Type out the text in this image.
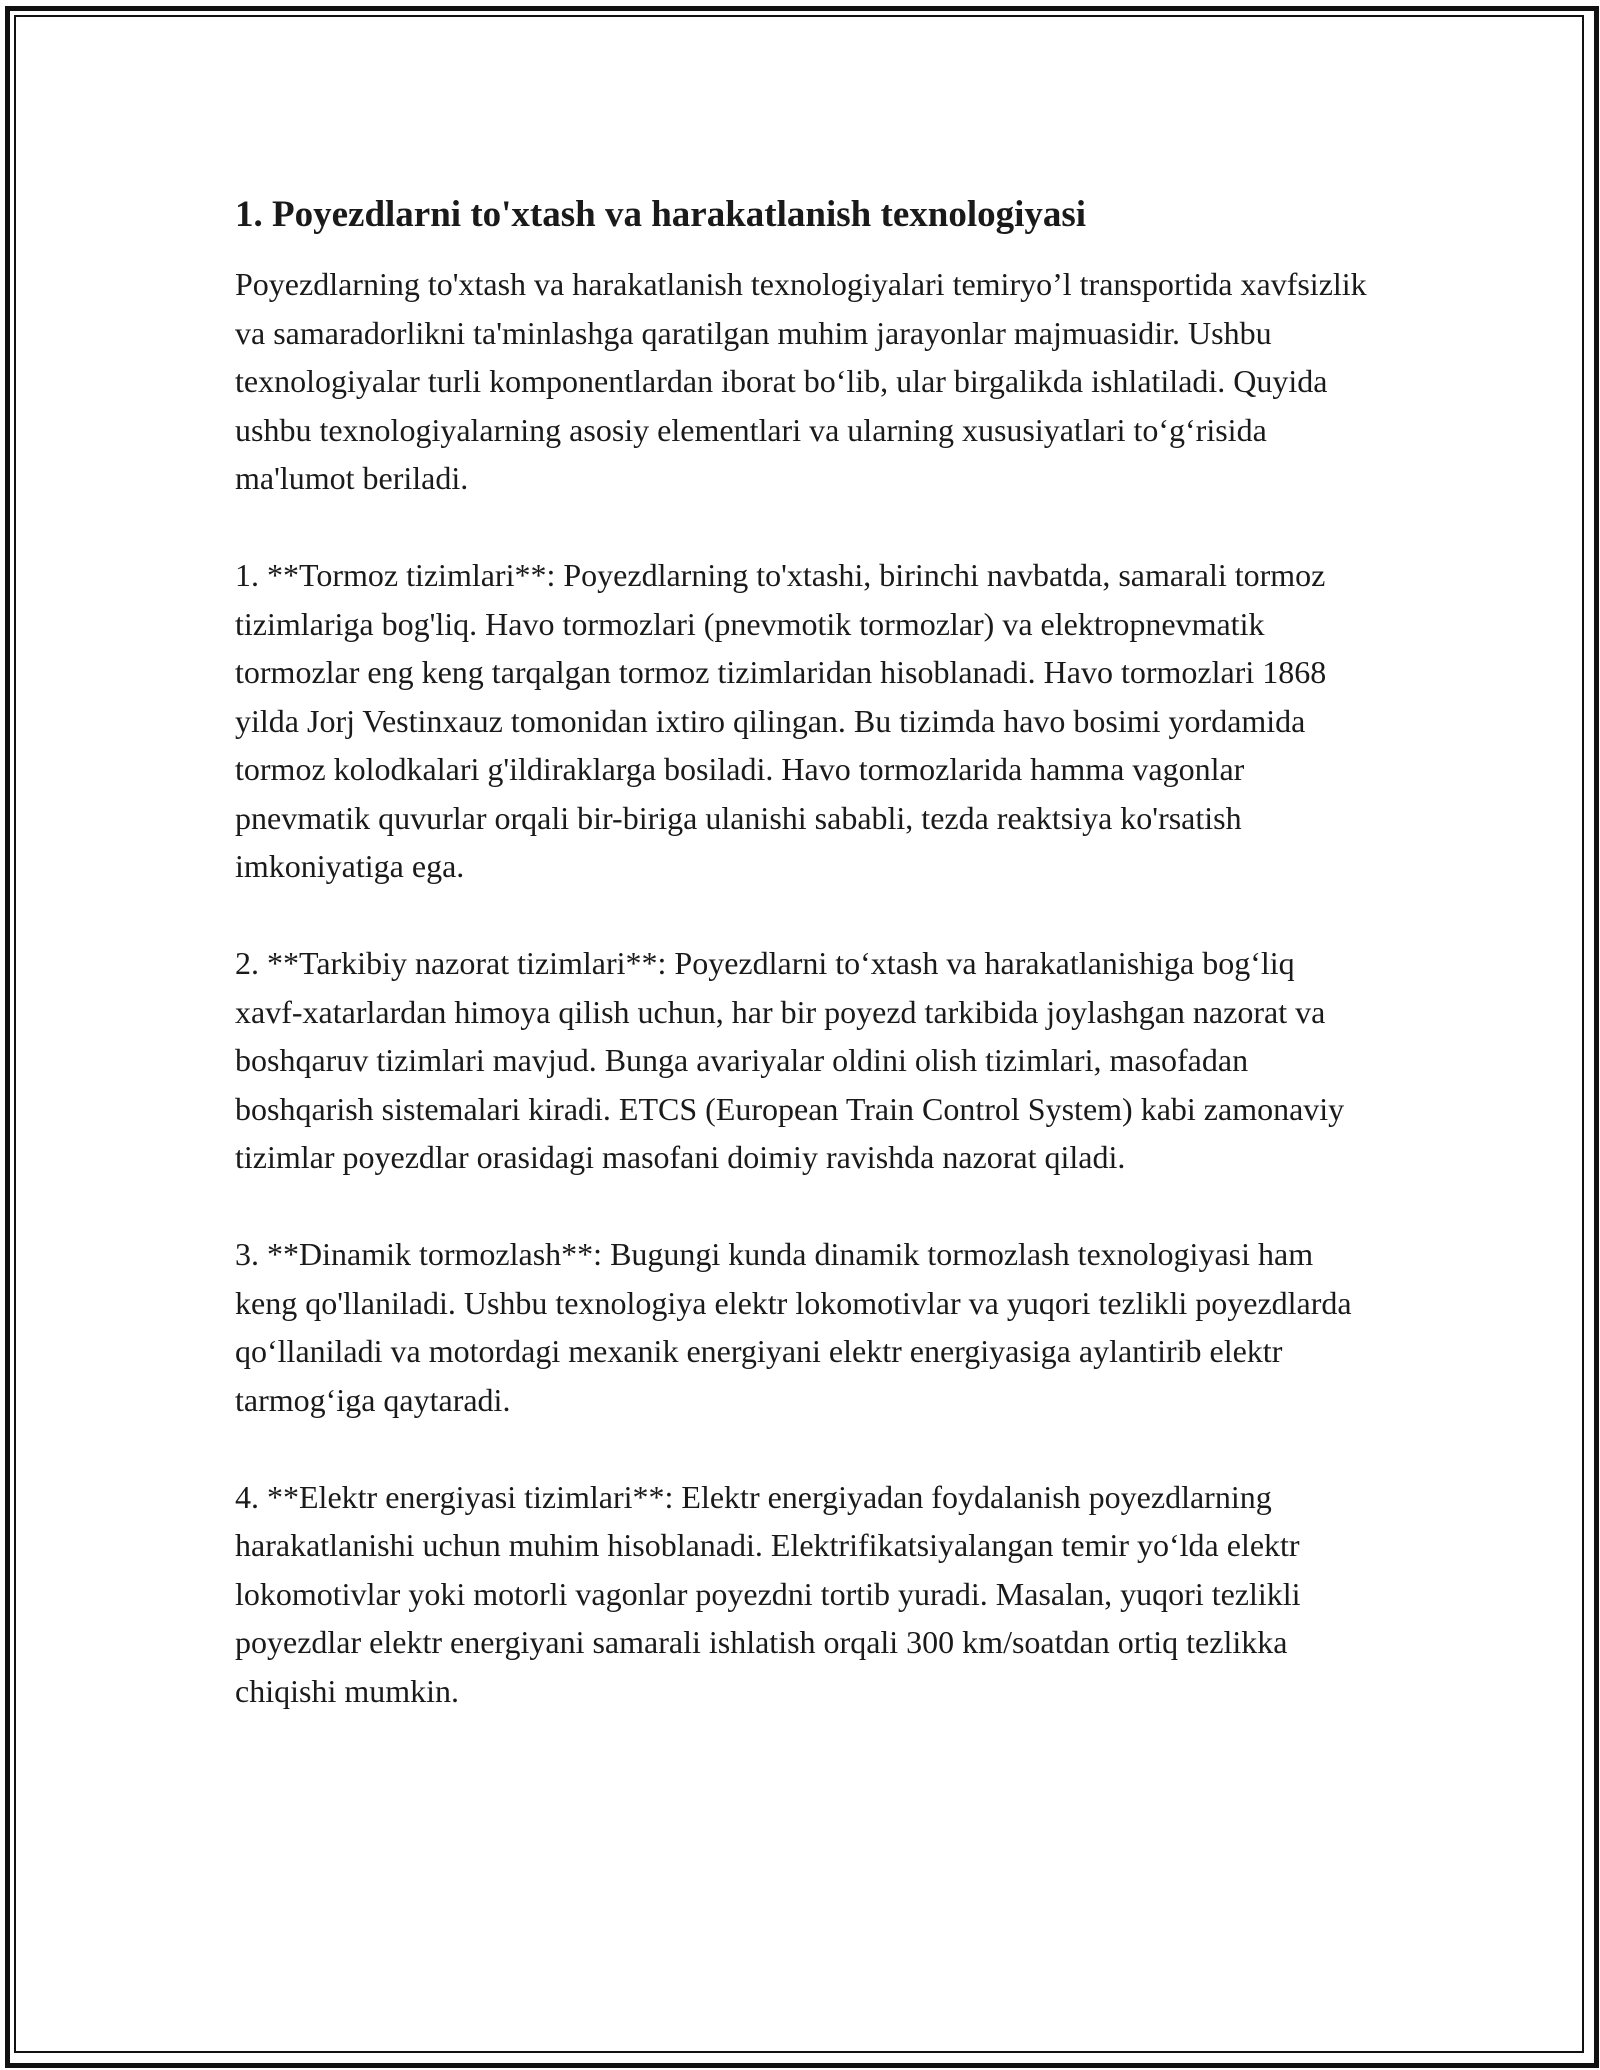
1. Poyezdlarni to'xtash va harakatlanish texnologiyasi

Poyezdlarning to'xtash va harakatlanish texnologiyalari temiryo’l transportida xavfsizlik va samaradorlikni ta'minlashga qaratilgan muhim jarayonlar majmuasidir. Ushbu texnologiyalar turli komponentlardan iborat bo‘lib, ular birgalikda ishlatiladi. Quyida ushbu texnologiyalarning asosiy elementlari va ularning xususiyatlari to‘g‘risida ma'lumot beriladi.

1. **Tormoz tizimlari**: Poyezdlarning to'xtashi, birinchi navbatda, samarali tormoz tizimlariga bog'liq. Havo tormozlari (pnevmotik tormozlar) va elektropnevmatik tormozlar eng keng tarqalgan tormoz tizimlaridan hisoblanadi. Havo tormozlari 1868 yilda Jorj Vestinxauz tomonidan ixtiro qilingan. Bu tizimda havo bosimi yordamida tormoz kolodkalari g'ildiraklarga bosiladi. Havo tormozlarida hamma vagonlar pnevmatik quvurlar orqali bir-biriga ulanishi sababli, tezda reaktsiya ko'rsatish imkoniyatiga ega.

2. **Tarkibiy nazorat tizimlari**: Poyezdlarni to‘xtash va harakatlanishiga bog‘liq xavf-xatarlardan himoya qilish uchun, har bir poyezd tarkibida joylashgan nazorat va boshqaruv tizimlari mavjud. Bunga avariyalar oldini olish tizimlari, masofadan boshqarish sistemalari kiradi. ETCS (European Train Control System) kabi zamonaviy tizimlar poyezdlar orasidagi masofani doimiy ravishda nazorat qiladi.

3. **Dinamik tormozlash**: Bugungi kunda dinamik tormozlash texnologiyasi ham keng qo'llaniladi. Ushbu texnologiya elektr lokomotivlar va yuqori tezlikli poyezdlarda qo‘llaniladi va motordagi mexanik energiyani elektr energiyasiga aylantirib elektr tarmog‘iga qaytaradi.

4. **Elektr energiyasi tizimlari**: Elektr energiyadan foydalanish poyezdlarning harakatlanishi uchun muhim hisoblanadi. Elektrifikatsiyalangan temir yo‘lda elektr lokomotivlar yoki motorli vagonlar poyezdni tortib yuradi. Masalan, yuqori tezlikli poyezdlar elektr energiyani samarali ishlatish orqali 300 km/soatdan ortiq tezlikka chiqishi mumkin.
